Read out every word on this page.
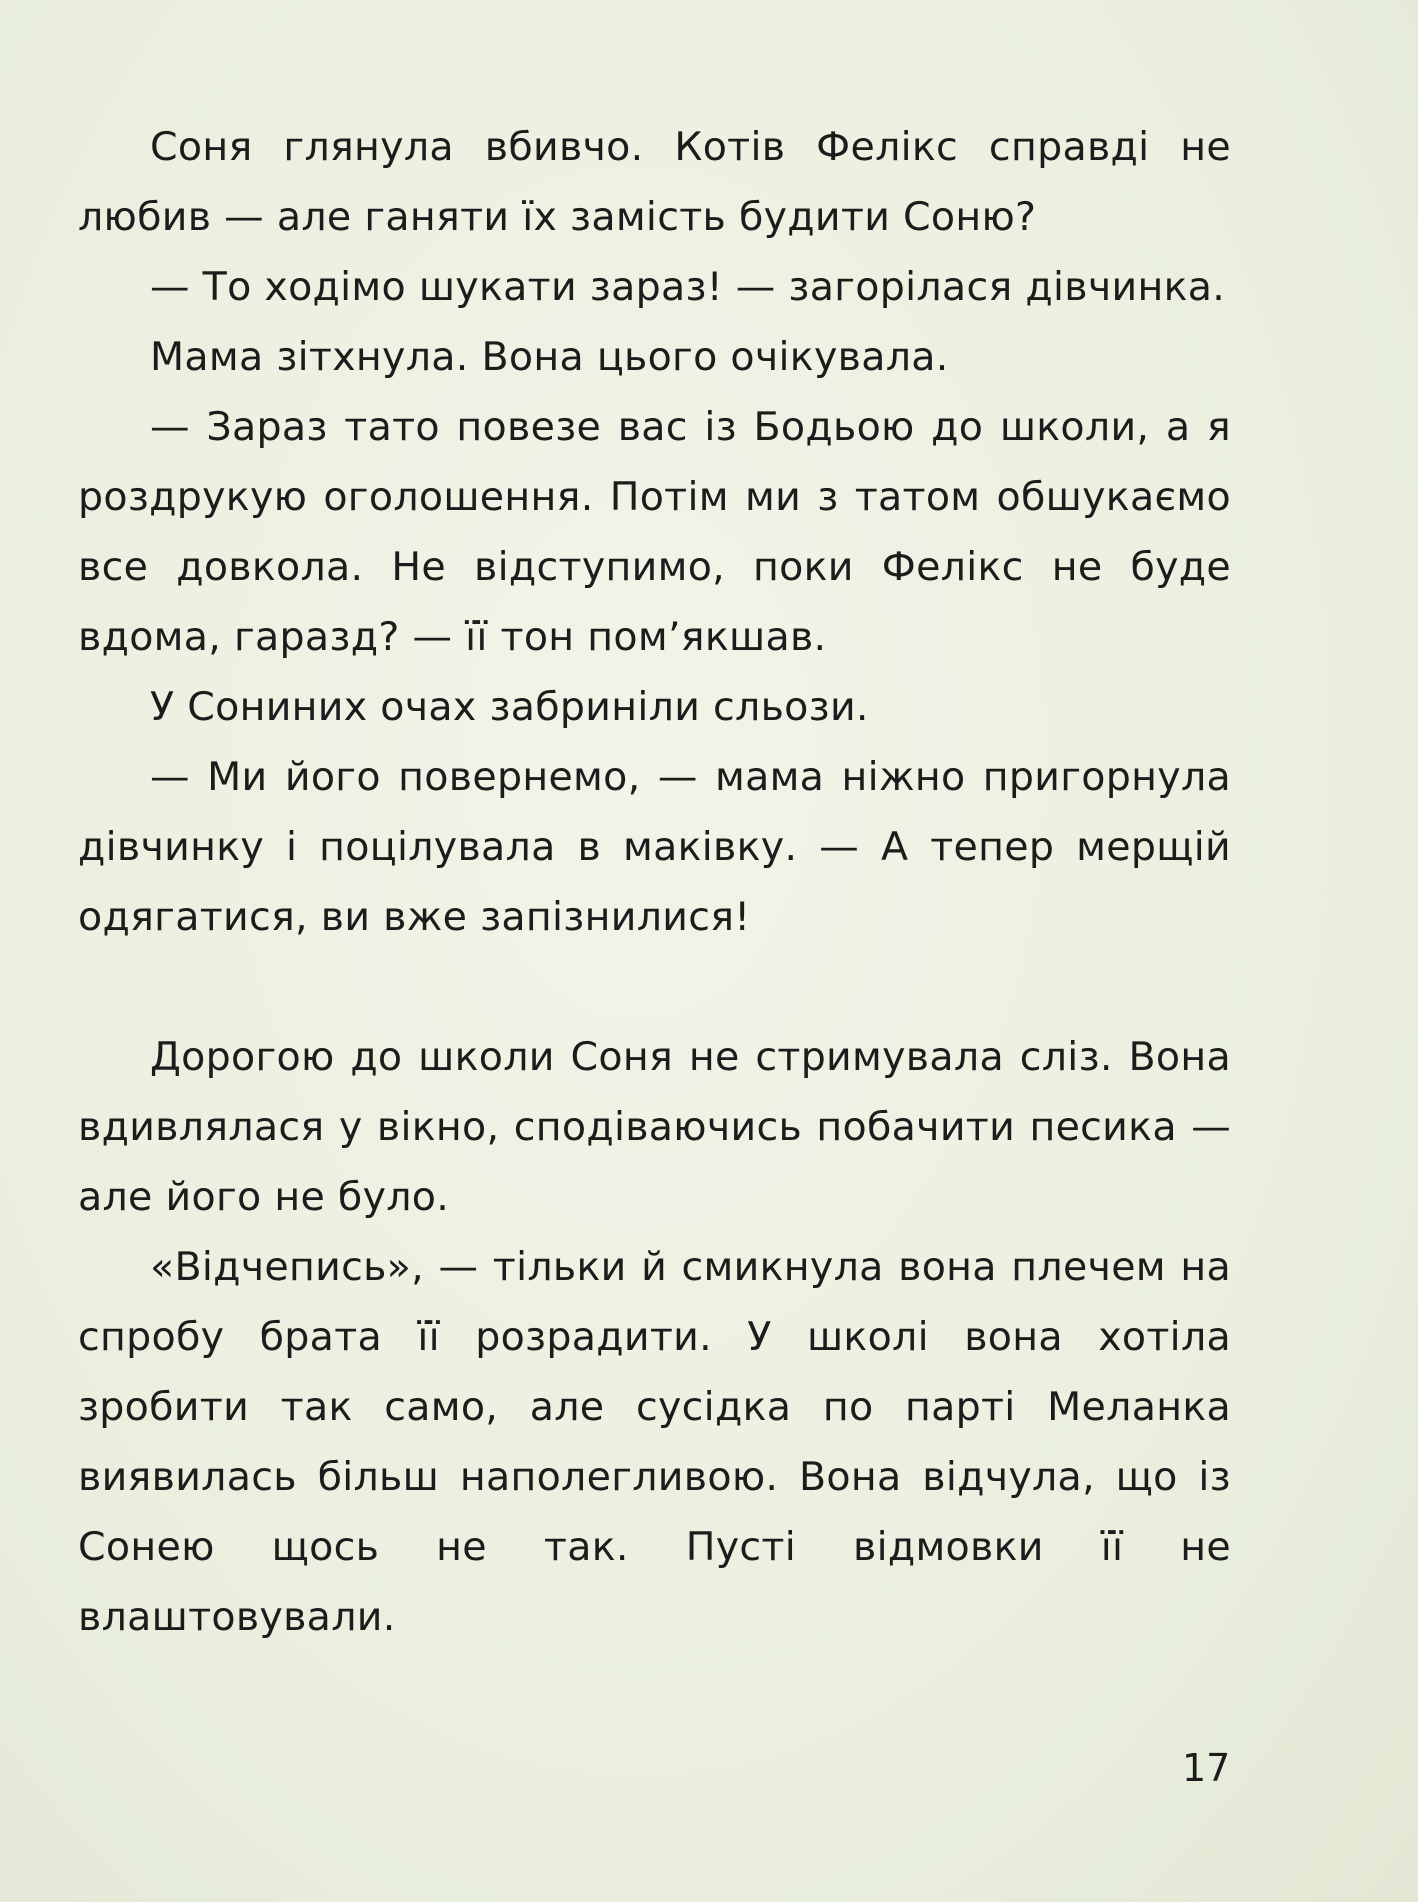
Соня глянула вбивчо. Котів Фелікс справді не любив — але ганяти їх замість будити Соню?

— То ходімо шукати зараз! — загорілася дівчинка.

Мама зітхнула. Вона цього очікувала.

— Зараз тато повезе вас із Бодьою до школи, а я роздрукую оголошення. Потім ми з татом обшукаємо все довкола. Не відступимо, поки Фелікс не буде вдома, гаразд? — її тон пом’якшав.

У Сониних очах забриніли сльози.

— Ми його повернемо, — мама ніжно пригорнула дівчинку і поцілувала в маківку. — А тепер мерщій одягатися, ви вже запізнилися!

Дорогою до школи Соня не стримувала сліз. Вона вдивлялася у вікно, сподіваючись побачити песика — але його не було.

«Відчепись», — тільки й смикнула вона плечем на спробу брата її розрадити. У школі вона хотіла зробити так само, але сусідка по парті Меланка виявилась більш наполегливою. Вона відчула, що із Сонею щось не так. Пусті відмовки її не влаштовували.

17
